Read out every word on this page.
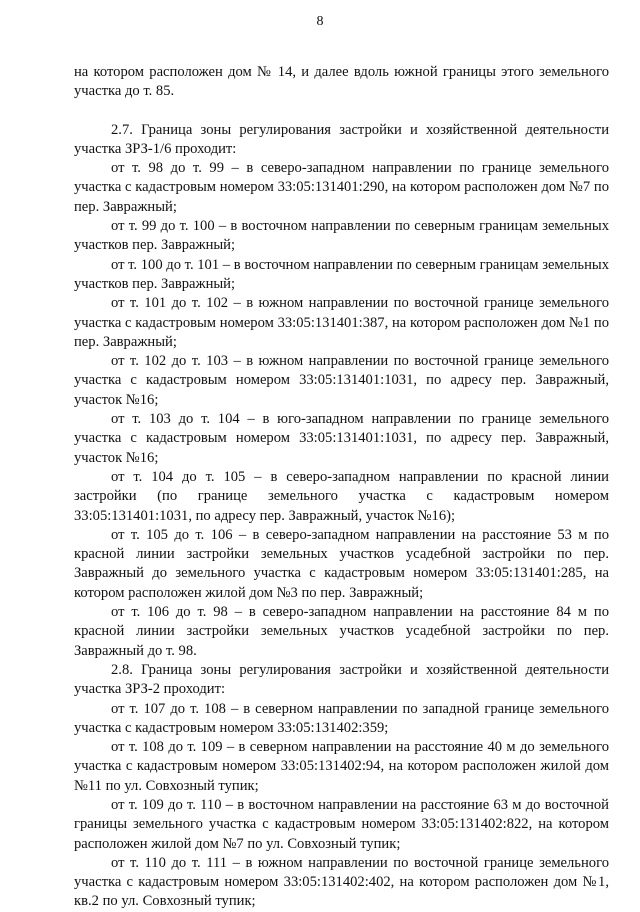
8

на котором расположен дом № 14, и далее вдоль южной границы этого земельного участка до т. 85.

2.7. Граница зоны регулирования застройки и хозяйственной деятельности участка ЗРЗ-1/6 проходит:

от т. 98 до т. 99 – в северо-западном направлении по границе земельного участка с кадастровым номером 33:05:131401:290, на котором расположен дом №7 по пер. Завражный;

от т. 99 до т. 100 – в восточном направлении по северным границам земельных участков пер. Завражный;

от т. 100 до т. 101 – в восточном направлении по северным границам земельных участков пер. Завражный;

от т. 101 до т. 102 – в южном направлении по восточной границе земельного участка с кадастровым номером 33:05:131401:387, на котором расположен дом №1 по пер. Завражный;

от т. 102 до т. 103 – в южном направлении по восточной границе земельного участка с кадастровым номером 33:05:131401:1031, по адресу пер. Завражный, участок №16;

от т. 103 до т. 104 – в юго-западном направлении по границе земельного участка с кадастровым номером 33:05:131401:1031, по адресу пер. Завражный, участок №16;

от т. 104 до т. 105 – в северо-западном направлении по красной линии застройки (по границе земельного участка с кадастровым номером 33:05:131401:1031, по адресу пер. Завражный, участок №16);

от т. 105 до т. 106 – в северо-западном направлении на расстояние 53 м по красной линии застройки земельных участков усадебной застройки по пер. Завражный до земельного участка с кадастровым номером 33:05:131401:285, на котором расположен жилой дом №3 по пер. Завражный;

от т. 106 до т. 98 – в северо-западном направлении на расстояние 84 м по красной линии застройки земельных участков усадебной застройки по пер. Завражный до т. 98.

2.8. Граница зоны регулирования застройки и хозяйственной деятельности участка ЗРЗ-2 проходит:

от т. 107 до т. 108 – в северном направлении по западной границе земельного участка с кадастровым номером 33:05:131402:359;

от т. 108 до т. 109 – в северном направлении на расстояние 40 м до земельного участка с кадастровым номером 33:05:131402:94, на котором расположен жилой дом №11 по ул. Совхозный тупик;

от т. 109 до т. 110 – в восточном направлении на расстояние 63 м до восточной границы земельного участка с кадастровым номером 33:05:131402:822, на котором расположен жилой дом №7 по ул. Совхозный тупик;

от т. 110 до т. 111 – в южном направлении по восточной границе земельного участка с кадастровым номером 33:05:131402:402, на котором расположен дом №1, кв.2 по ул. Совхозный тупик;
